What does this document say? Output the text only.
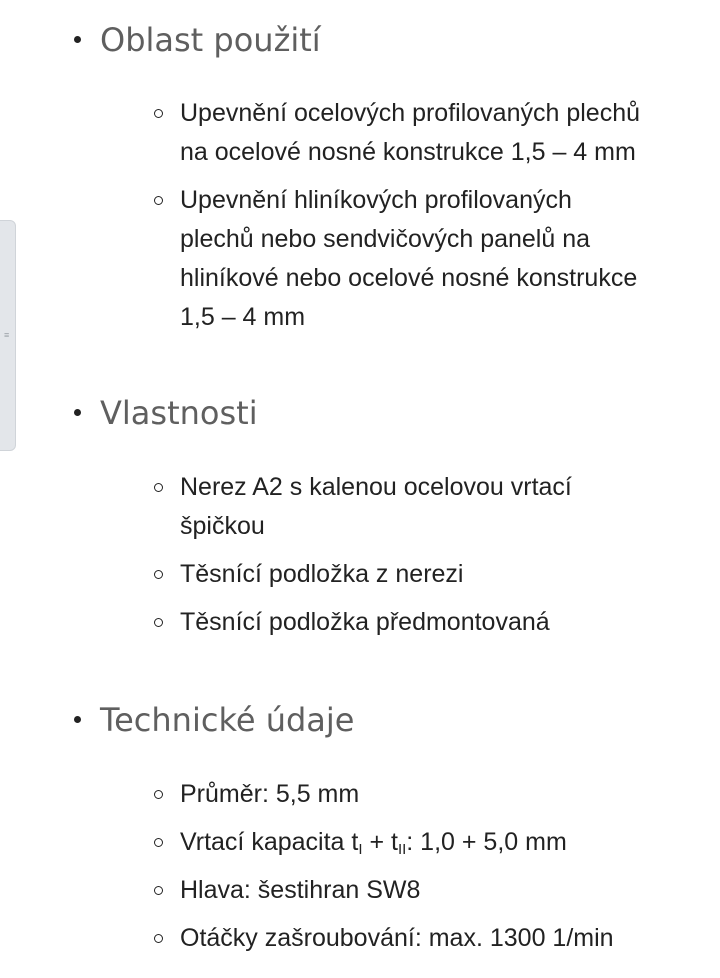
≡
Oblast použití
Upevnění ocelových profilovaných plechů
na ocelové nosné konstrukce 1,5 – 4 mm
Upevnění hliníkových profilovaných
plechů nebo sendvičových panelů na
hliníkové nebo ocelové nosné konstrukce
1,5 – 4 mm
Vlastnosti
Nerez A2 s kalenou ocelovou vrtací
špičkou
Těsnící podložka z nerezi
Těsnící podložka předmontovaná
Technické údaje
Průměr: 5,5 mm
Vrtací kapacita $t_I + t_{II}$: 1,0 + 5,0 mm
Hlava: šestihran SW8
Otáčky zašroubování: max. 1300 1/min
